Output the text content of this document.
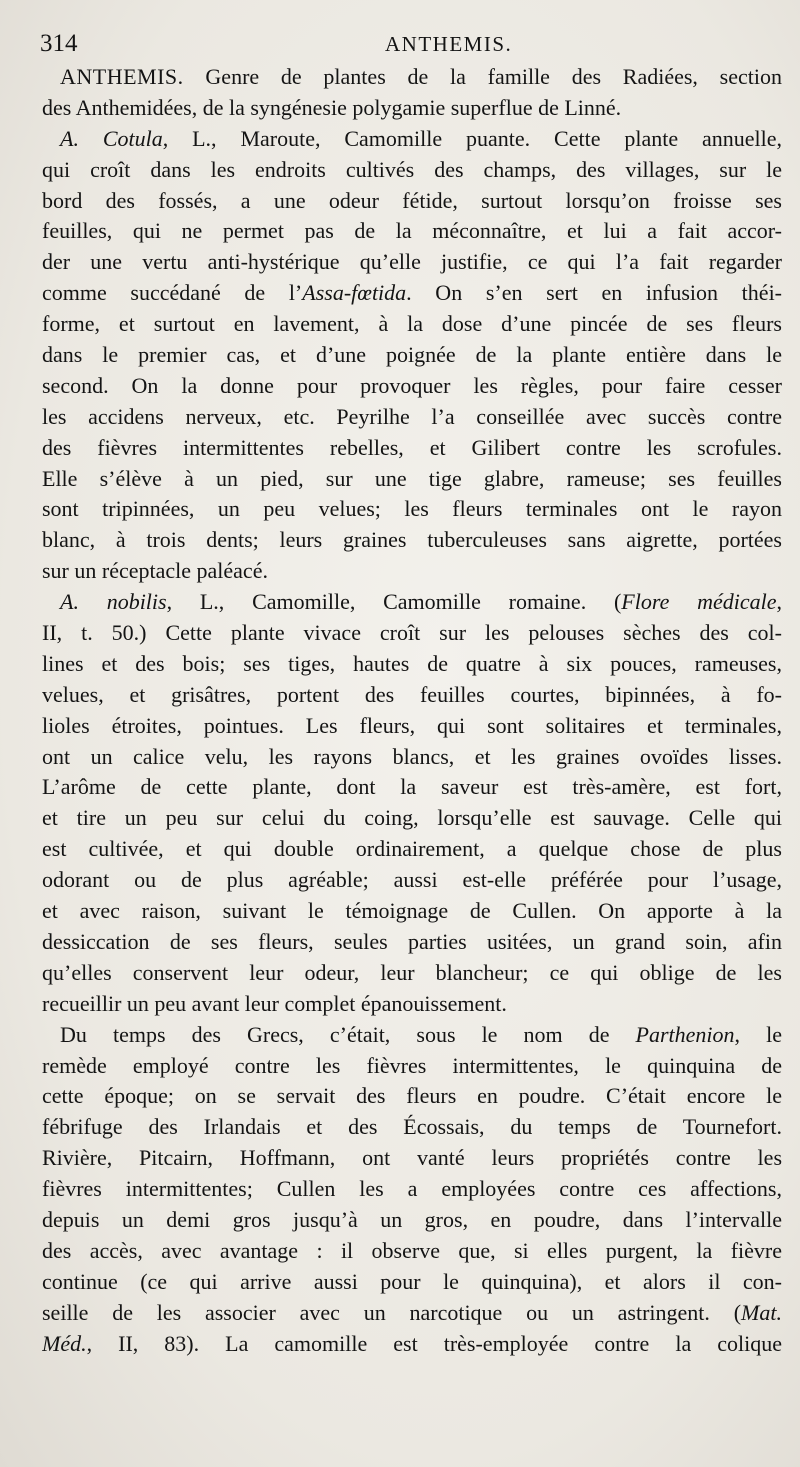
314	ANTHEMIS.
ANTHEMIS. Genre de plantes de la famille des Radiées, section
des Anthemidées, de la syngénesie polygamie superflue de Linné.
A. Cotula, L., Maroute, Camomille puante. Cette plante annuelle,
qui croît dans les endroits cultivés des champs, des villages, sur le
bord des fossés, a une odeur fétide, surtout lorsqu’on froisse ses
feuilles, qui ne permet pas de la méconnaître, et lui a fait accor-
der une vertu anti-hystérique qu’elle justifie, ce qui l’a fait regarder
comme succédané de l’Assa-fœtida. On s’en sert en infusion théi-
forme, et surtout en lavement, à la dose d’une pincée de ses fleurs
dans le premier cas, et d’une poignée de la plante entière dans le
second. On la donne pour provoquer les règles, pour faire cesser
les accidens nerveux, etc. Peyrilhe l’a conseillée avec succès contre
des fièvres intermittentes rebelles, et Gilibert contre les scrofules.
Elle s’élève à un pied, sur une tige glabre, rameuse; ses feuilles
sont tripinnées, un peu velues; les fleurs terminales ont le rayon
blanc, à trois dents; leurs graines tuberculeuses sans aigrette, portées
sur un réceptacle paléacé.
A. nobilis, L., Camomille, Camomille romaine. (Flore médicale,
II, t. 50.) Cette plante vivace croît sur les pelouses sèches des col-
lines et des bois; ses tiges, hautes de quatre à six pouces, rameuses,
velues, et grisâtres, portent des feuilles courtes, bipinnées, à fo-
lioles étroites, pointues. Les fleurs, qui sont solitaires et terminales,
ont un calice velu, les rayons blancs, et les graines ovoïdes lisses.
L’arôme de cette plante, dont la saveur est très-amère, est fort,
et tire un peu sur celui du coing, lorsqu’elle est sauvage. Celle qui
est cultivée, et qui double ordinairement, a quelque chose de plus
odorant ou de plus agréable; aussi est-elle préférée pour l’usage,
et avec raison, suivant le témoignage de Cullen. On apporte à la
dessiccation de ses fleurs, seules parties usitées, un grand soin, afin
qu’elles conservent leur odeur, leur blancheur; ce qui oblige de les
recueillir un peu avant leur complet épanouissement.
Du temps des Grecs, c’était, sous le nom de Parthenion, le
remède employé contre les fièvres intermittentes, le quinquina de
cette époque; on se servait des fleurs en poudre. C’était encore le
fébrifuge des Irlandais et des Écossais, du temps de Tournefort.
Rivière, Pitcairn, Hoffmann, ont vanté leurs propriétés contre les
fièvres intermittentes; Cullen les a employées contre ces affections,
depuis un demi gros jusqu’à un gros, en poudre, dans l’intervalle
des accès, avec avantage : il observe que, si elles purgent, la fièvre
continue (ce qui arrive aussi pour le quinquina), et alors il con-
seille de les associer avec un narcotique ou un astringent. (Mat.
Méd., II, 83). La camomille est très-employée contre la colique
